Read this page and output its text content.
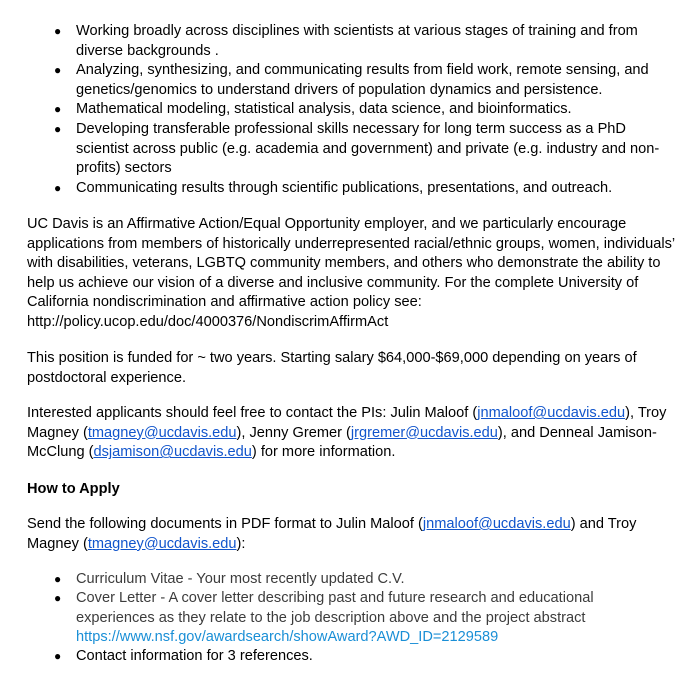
● Working broadly across disciplines with scientists at various stages of training and from diverse backgrounds .
● Analyzing, synthesizing, and communicating results from field work, remote sensing, and genetics/genomics to understand drivers of population dynamics and persistence.
● Mathematical modeling, statistical analysis, data science, and bioinformatics.
● Developing transferable professional skills necessary for long term success as a PhD scientist across public (e.g. academia and government) and private (e.g. industry and non-profits) sectors
● Communicating results through scientific publications, presentations, and outreach.
UC Davis is an Affirmative Action/Equal Opportunity employer, and we particularly encourage applications from members of historically underrepresented racial/ethnic groups, women, individuals’ with disabilities, veterans, LGBTQ community members, and others who demonstrate the ability to help us achieve our vision of a diverse and inclusive community. For the complete University of California nondiscrimination and affirmative action policy see: http://policy.ucop.edu/doc/4000376/NondiscrimAffirmAct
This position is funded for ~ two years. Starting salary $64,000-$69,000 depending on years of postdoctoral experience.
Interested applicants should feel free to contact the PIs: Julin Maloof (jnmaloof@ucdavis.edu), Troy Magney (tmagney@ucdavis.edu), Jenny Gremer (jrgremer@ucdavis.edu), and Denneal Jamison-McClung (dsjamison@ucdavis.edu) for more information.
How to Apply
Send the following documents in PDF format to Julin Maloof (jnmaloof@ucdavis.edu) and Troy Magney (tmagney@ucdavis.edu):
● Curriculum Vitae - Your most recently updated C.V.
● Cover Letter - A cover letter describing past and future research and educational experiences as they relate to the job description above and the project abstract
https://www.nsf.gov/awardsearch/showAward?AWD_ID=2129589
● Contact information for 3 references.
